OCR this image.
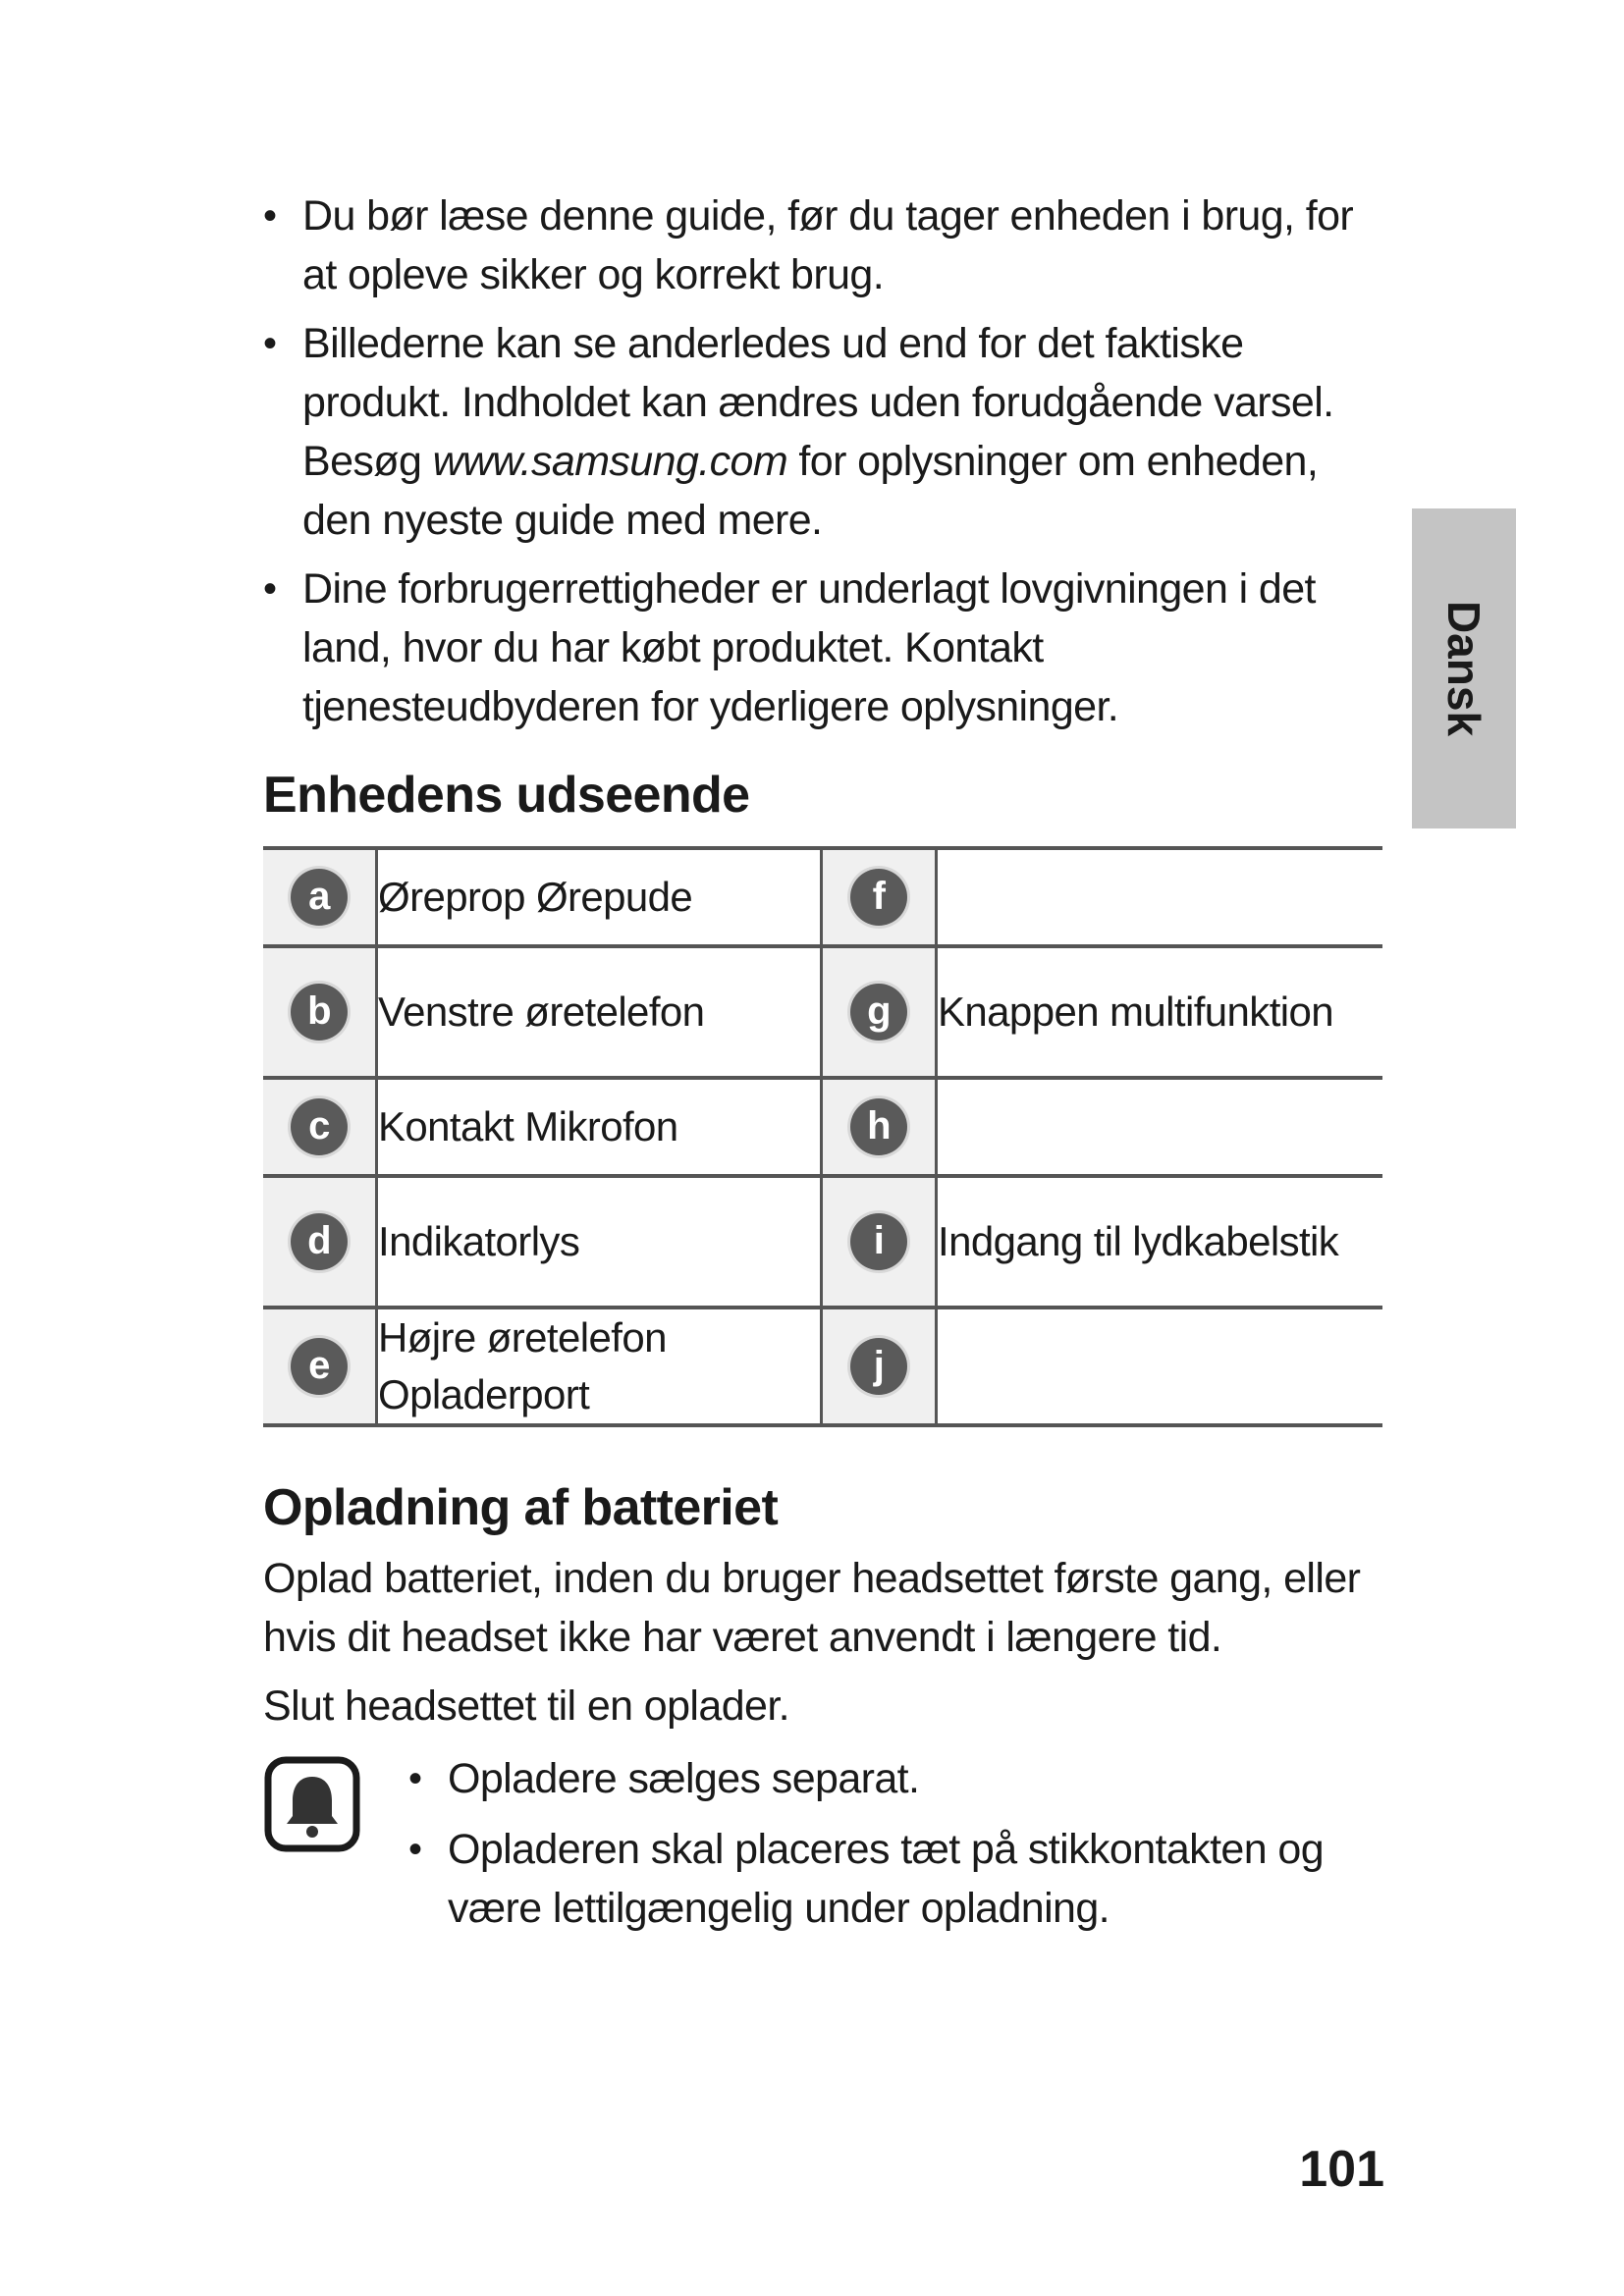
• Du bør læse denne guide, før du tager enheden i brug, for at opleve sikker og korrekt brug.
• Billederne kan se anderledes ud end for det faktiske produkt. Indholdet kan ændres uden forudgående varsel. Besøg www.samsung.com for oplysninger om enheden, den nyeste guide med mere.
• Dine forbrugerrettigheder er underlagt lovgivningen i det land, hvor du har købt produktet. Kontakt tjenesteudbyderen for yderligere oplysninger.
Enhedens udseende
a	Øreprop Ørepude	f	
b	Venstre øretelefon	g	Knappen multifunktion
c	Kontakt Mikrofon	h	
d	Indikatorlys	i	Indgang til lydkabelstik
e	Højre øretelefon Opladerport	j	
Opladning af batteriet

Oplad batteriet, inden du bruger headsettet første gang, eller hvis dit headset ikke har været anvendt i længere tid.

Slut headsettet til en oplader.

• Opladere sælges separat.
• Opladeren skal placeres tæt på stikkontakten og være lettilgængelig under opladning.
Dansk
101
